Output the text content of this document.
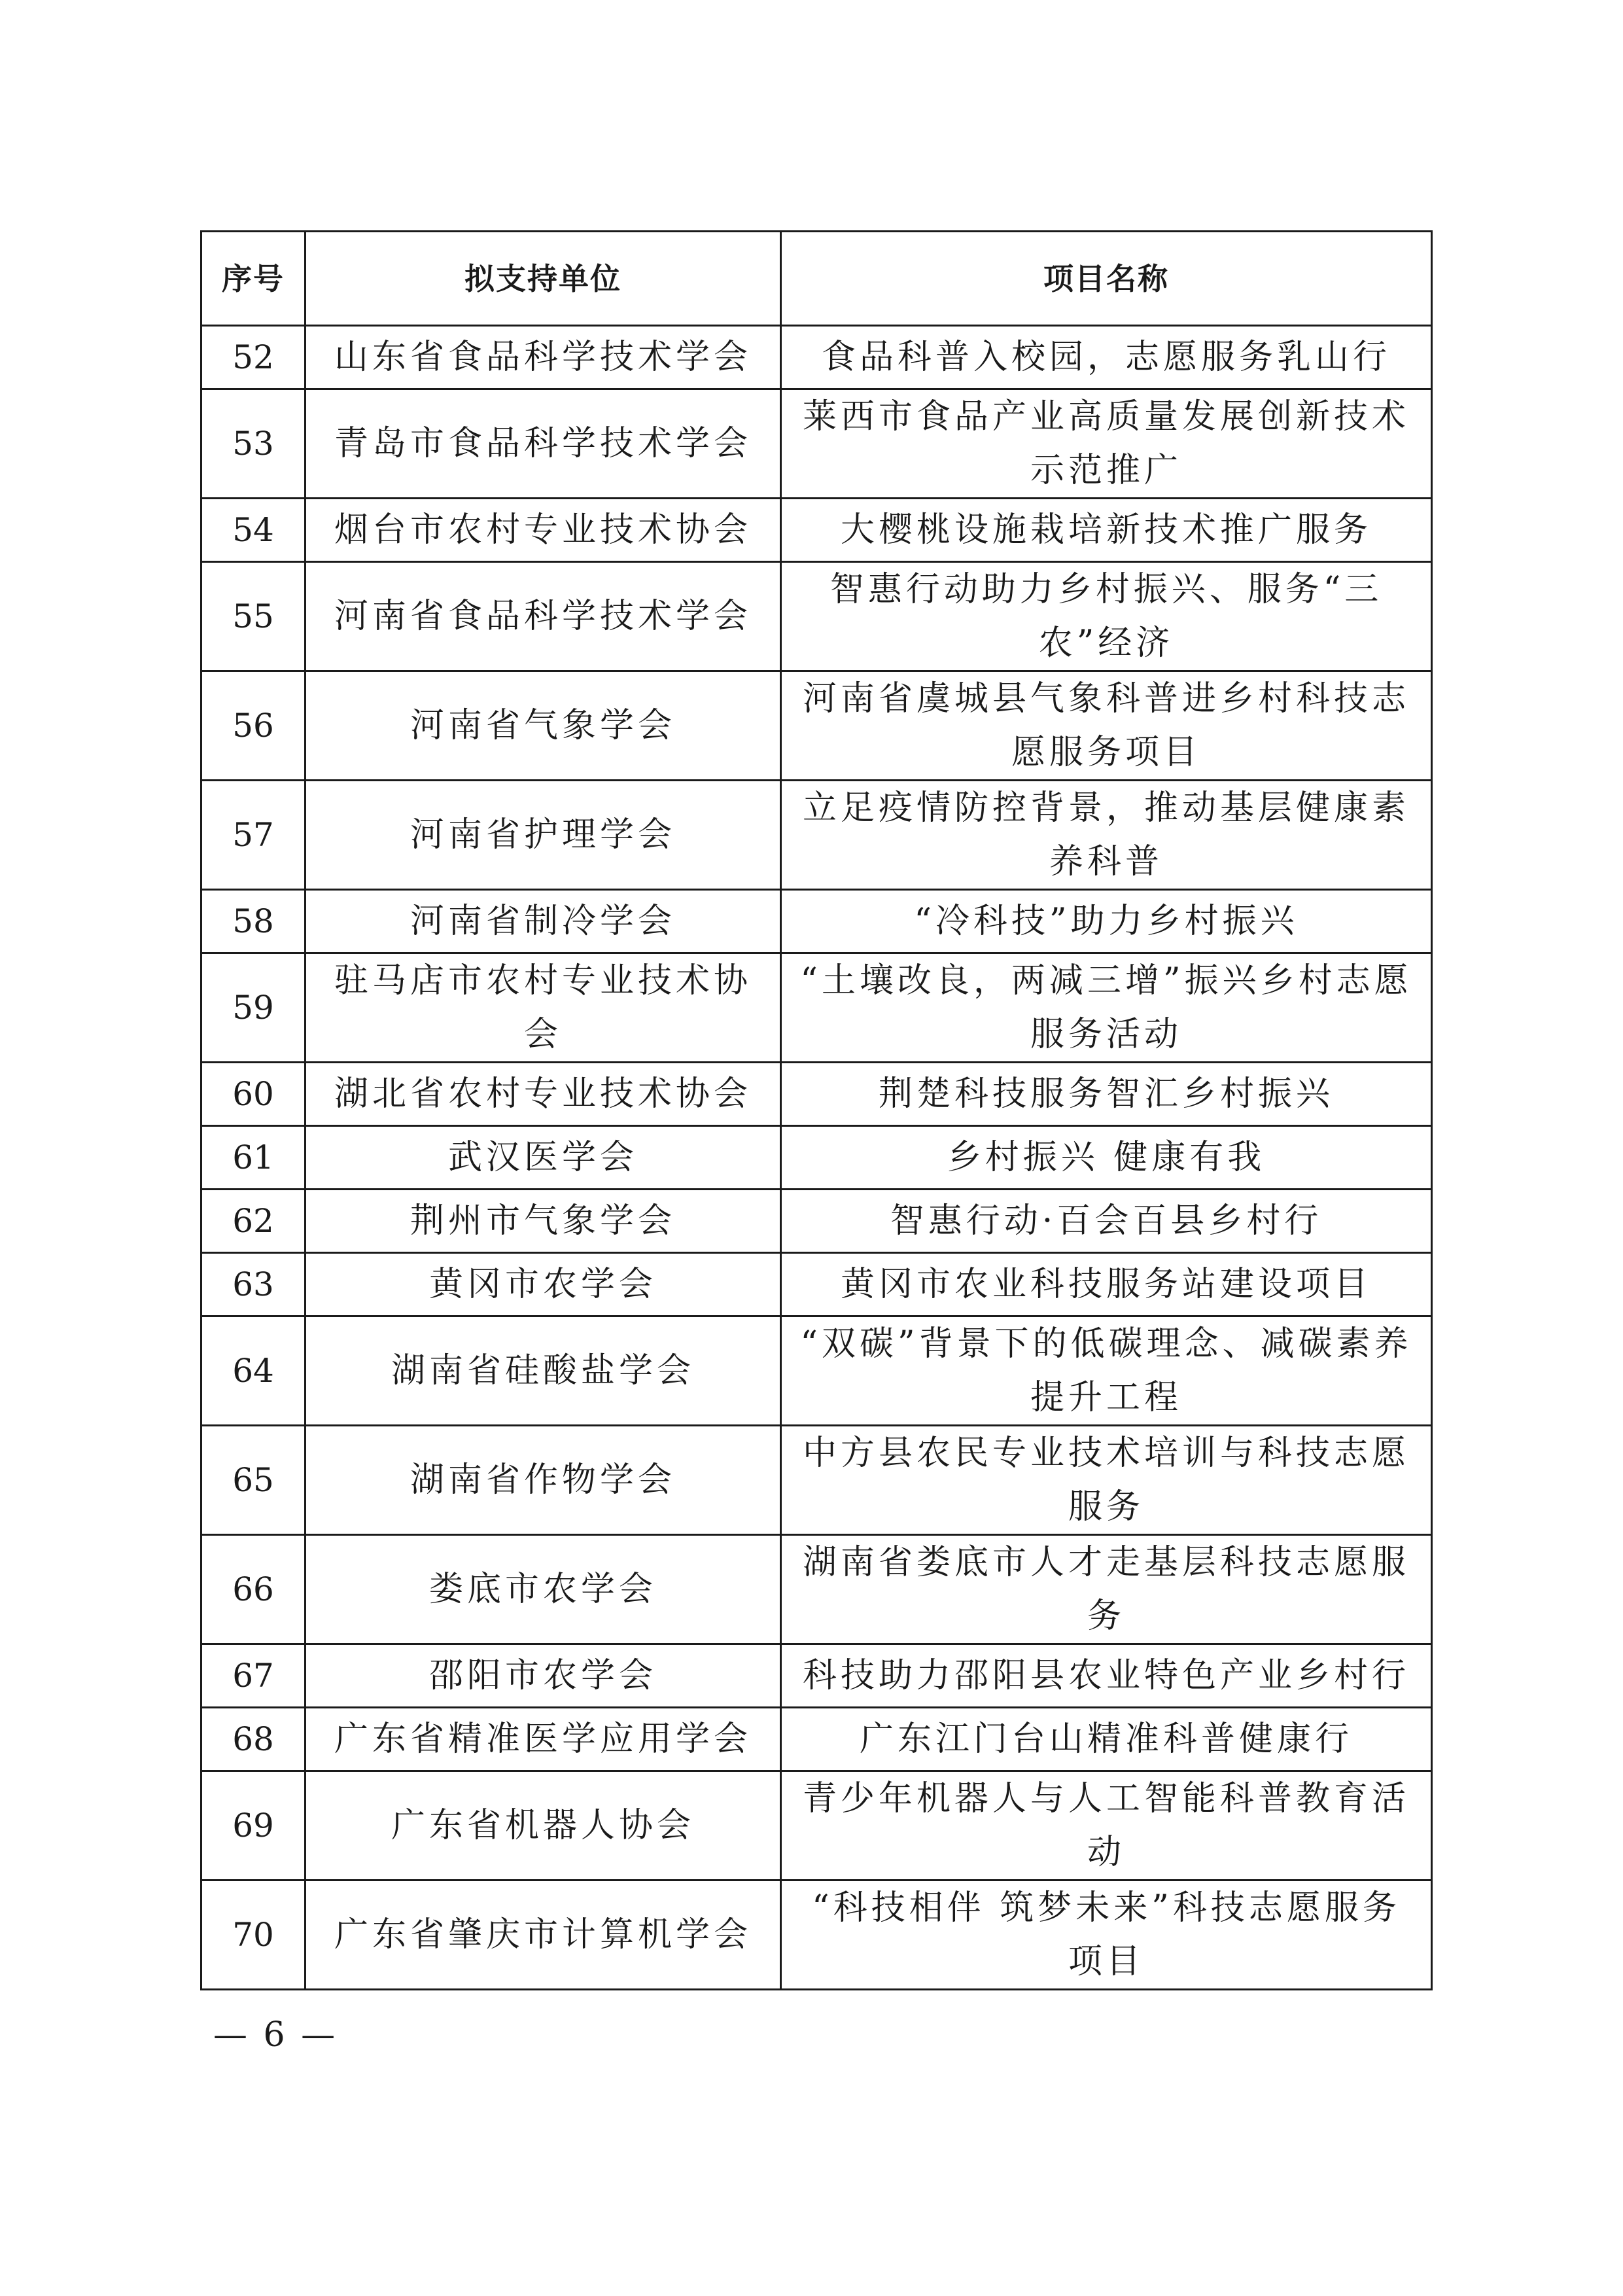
序号	拟支持单位	项目名称
52	山东省食品科学技术学会	食品科普入校园，志愿服务乳山行
53	青岛市食品科学技术学会	莱西市食品产业高质量发展创新技术示范推广
54	烟台市农村专业技术协会	大樱桃设施栽培新技术推广服务
55	河南省食品科学技术学会	智惠行动助力乡村振兴、服务“三农”经济
56	河南省气象学会	河南省虞城县气象科普进乡村科技志愿服务项目
57	河南省护理学会	立足疫情防控背景，推动基层健康素养科普
58	河南省制冷学会	“冷科技”助力乡村振兴
59	驻马店市农村专业技术协会	“土壤改良，两减三增”振兴乡村志愿服务活动
60	湖北省农村专业技术协会	荆楚科技服务智汇乡村振兴
61	武汉医学会	乡村振兴 健康有我
62	荆州市气象学会	智惠行动·百会百县乡村行
63	黄冈市农学会	黄冈市农业科技服务站建设项目
64	湖南省硅酸盐学会	“双碳”背景下的低碳理念、减碳素养提升工程
65	湖南省作物学会	中方县农民专业技术培训与科技志愿服务
66	娄底市农学会	湖南省娄底市人才走基层科技志愿服务
67	邵阳市农学会	科技助力邵阳县农业特色产业乡村行
68	广东省精准医学应用学会	广东江门台山精准科普健康行
69	广东省机器人协会	青少年机器人与人工智能科普教育活动
70	广东省肇庆市计算机学会	“科技相伴 筑梦未来”科技志愿服务项目
— 6 —
